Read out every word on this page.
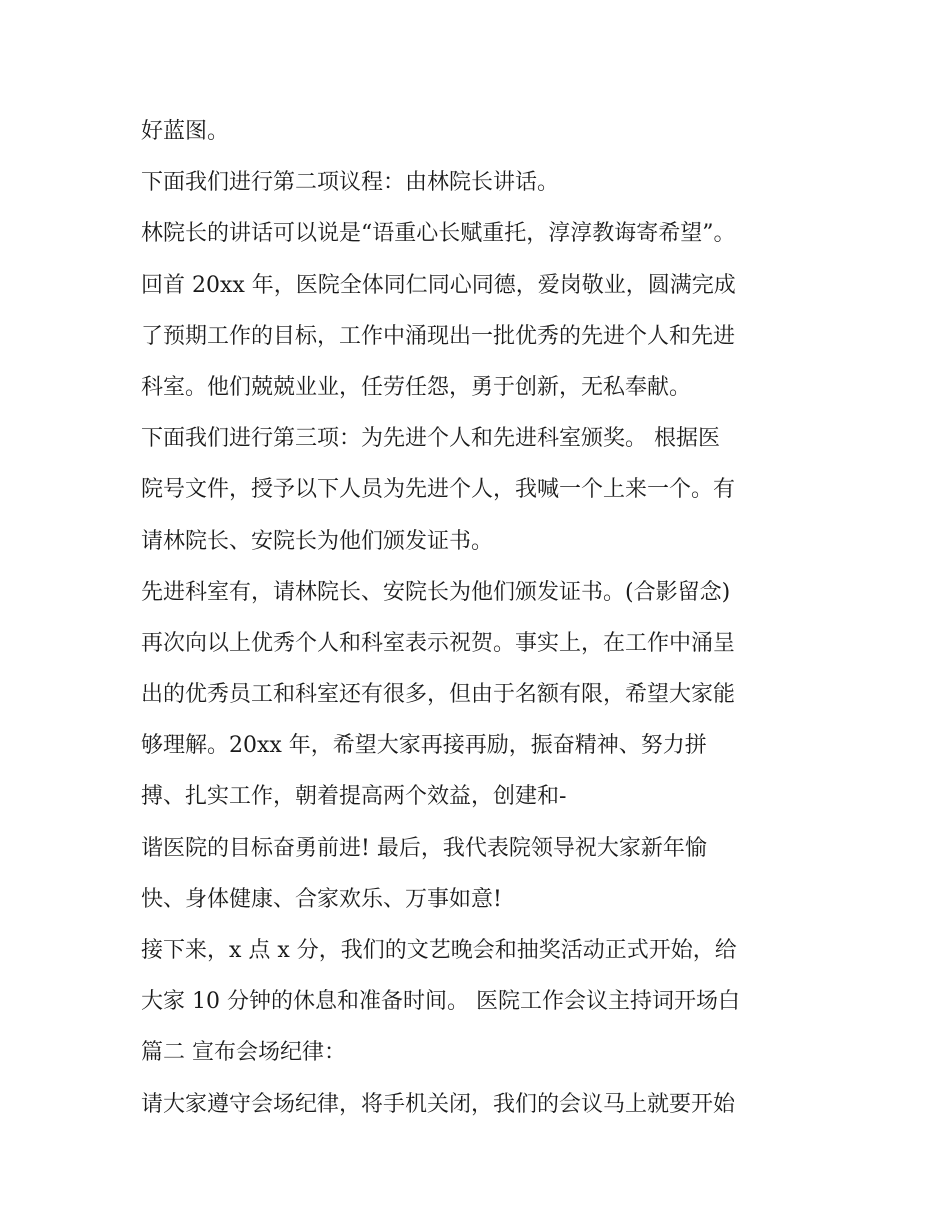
好蓝图。
下面我们进行第二项议程：由林院长讲话。
林院长的讲话可以说是“语重心长赋重托，淳淳教诲寄希望”。
回首 20xx 年，医院全体同仁同心同德，爱岗敬业，圆满完成
了预期工作的目标，工作中涌现出一批优秀的先进个人和先进
科室。他们兢兢业业，任劳任怨，勇于创新，无私奉献。
下面我们进行第三项：为先进个人和先进科室颁奖。 根据医
院号文件，授予以下人员为先进个人，我喊一个上来一个。有
请林院长、安院长为他们颁发证书。
先进科室有，请林院长、安院长为他们颁发证书。(合影留念)
再次向以上优秀个人和科室表示祝贺。事实上，在工作中涌呈
出的优秀员工和科室还有很多，但由于名额有限，希望大家能
够理解。20xx 年，希望大家再接再励，振奋精神、努力拼
搏、扎实工作，朝着提高两个效益，创建和-
谐医院的目标奋勇前进! 最后，我代表院领导祝大家新年愉
快、身体健康、合家欢乐、万事如意!
接下来，x 点 x 分，我们的文艺晚会和抽奖活动正式开始，给
大家 10 分钟的休息和准备时间。 医院工作会议主持词开场白
篇二 宣布会场纪律：
请大家遵守会场纪律，将手机关闭，我们的会议马上就要开始
